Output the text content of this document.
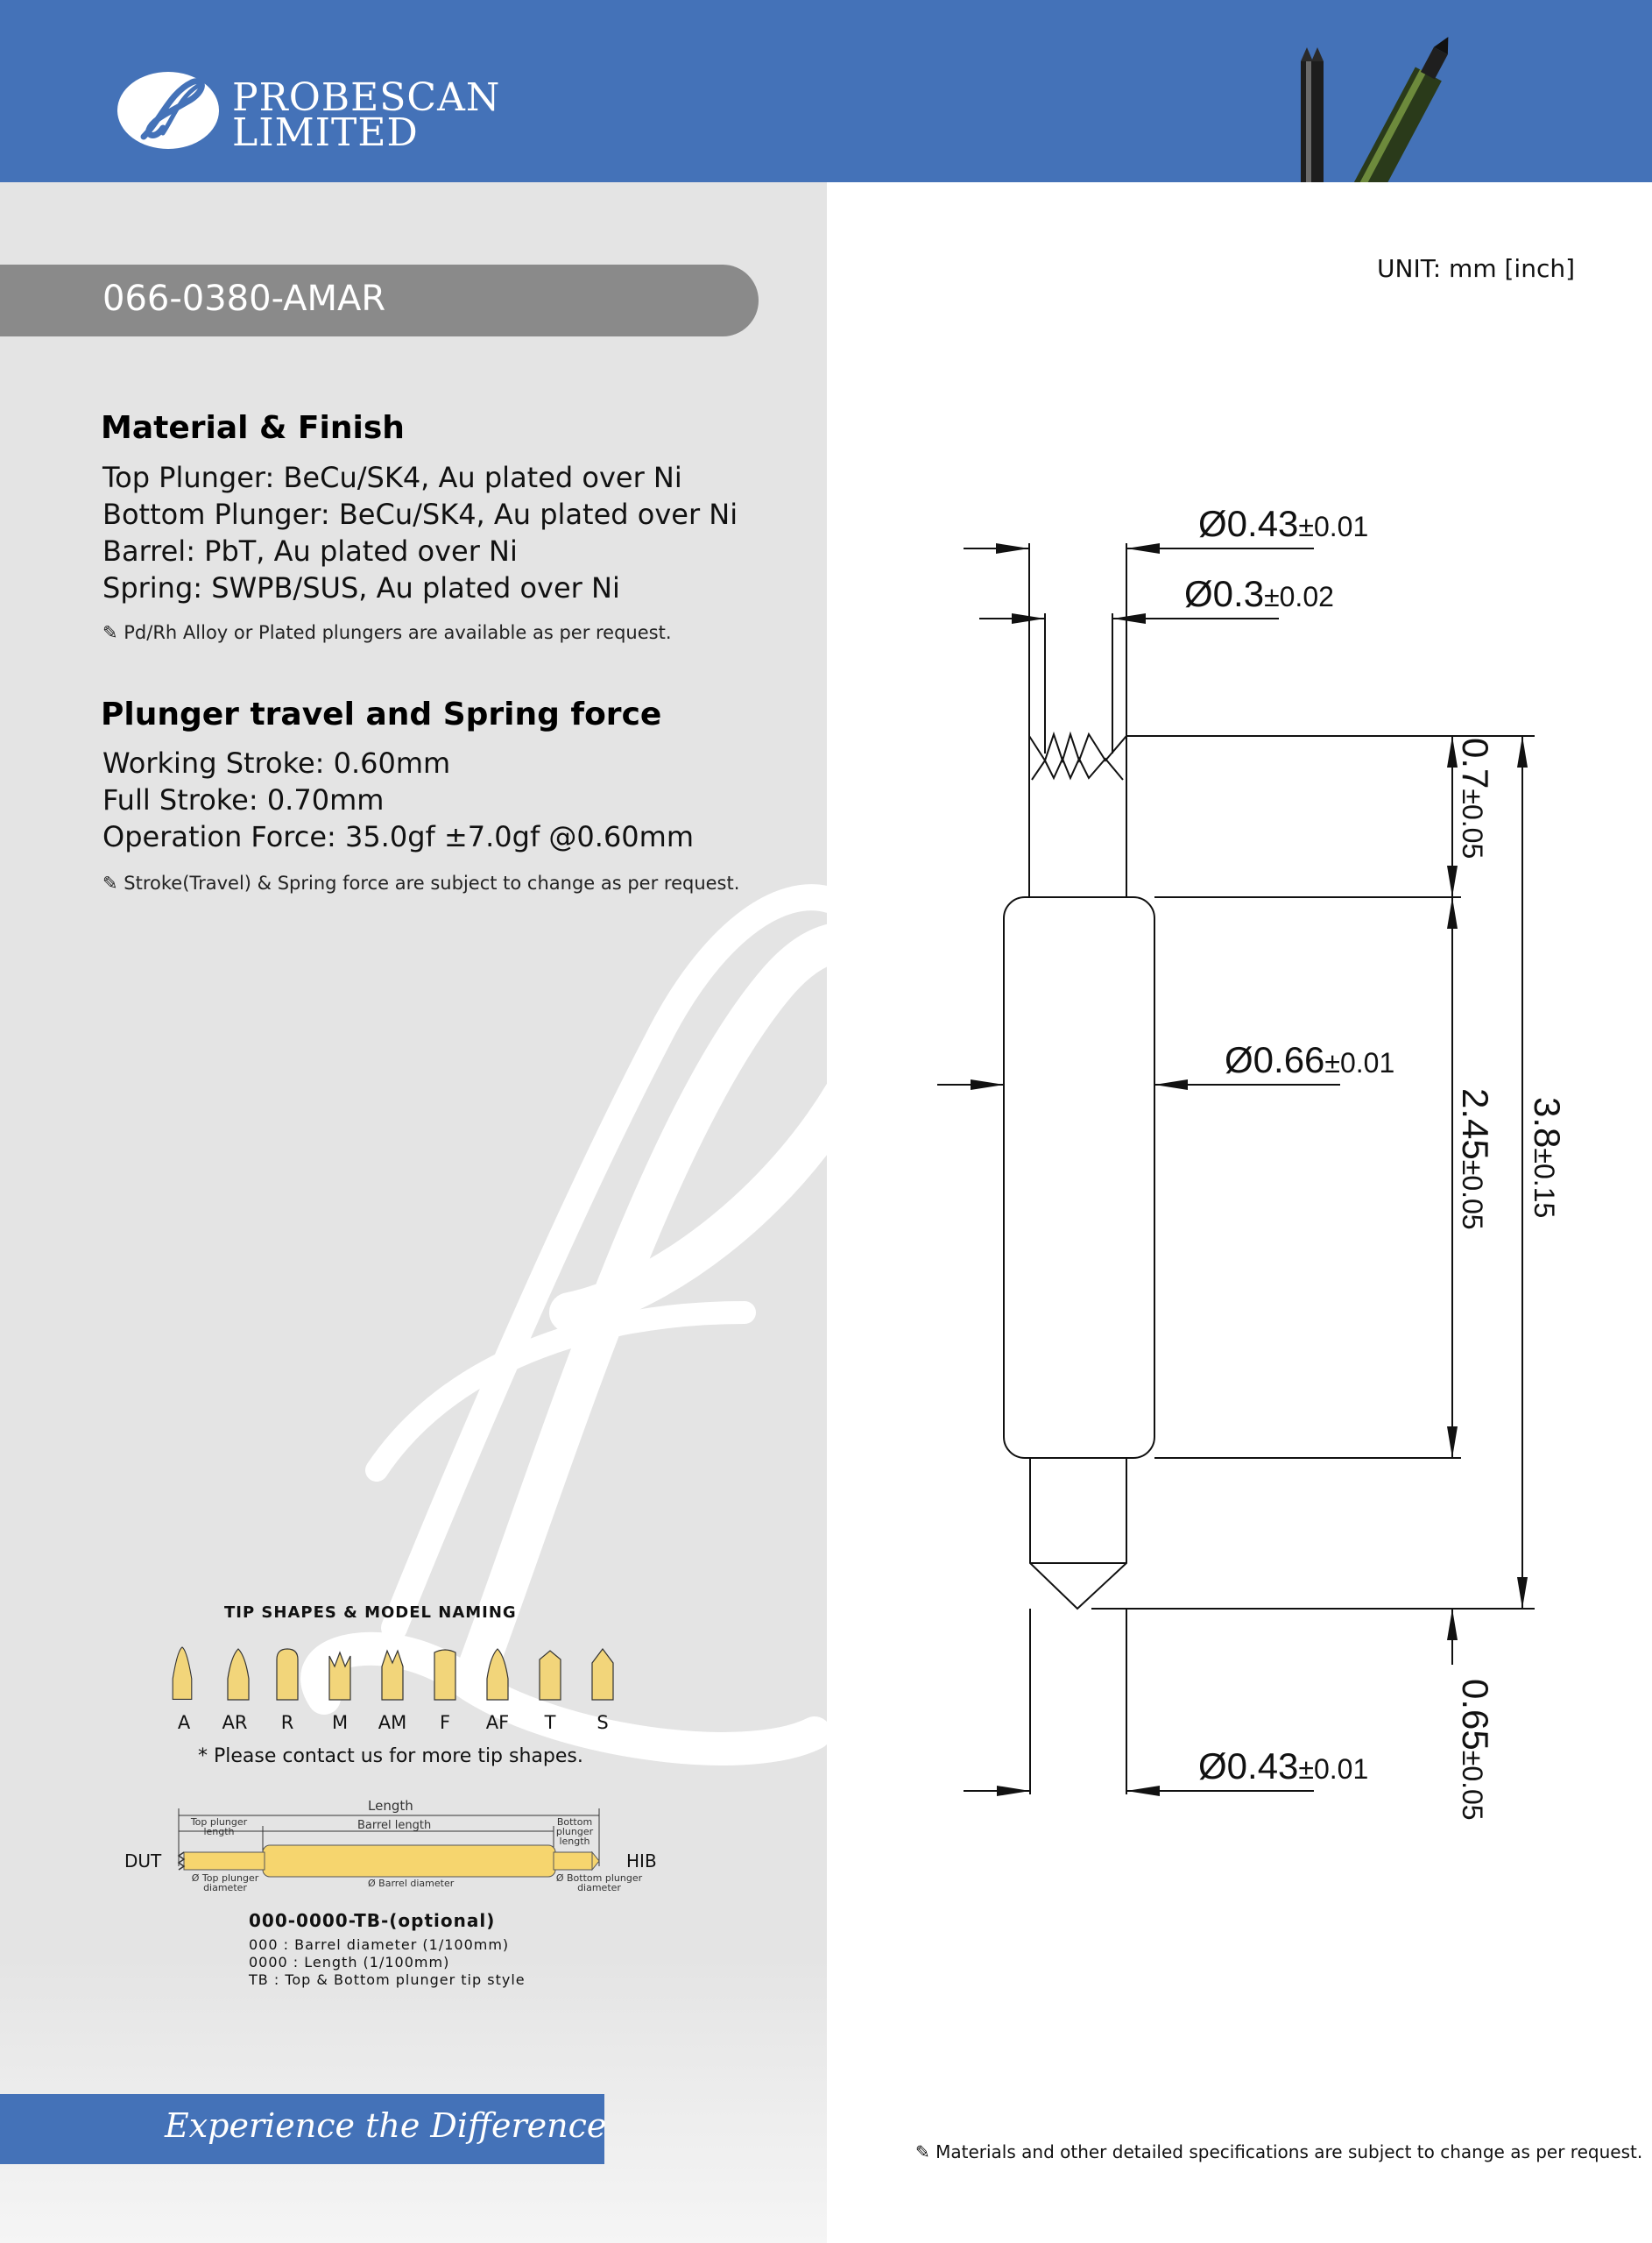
PROBESCAN
LIMITED
066-0380-AMAR
Material & Finish
Top Plunger: BeCu/SK4, Au plated over Ni
Bottom Plunger: BeCu/SK4, Au plated over Ni
Barrel: PbT, Au plated over Ni
Spring: SWPB/SUS, Au plated over Ni
✎ Pd/Rh Alloy or Plated plungers are available as per request.
Plunger travel and Spring force
Working Stroke: 0.60mm
Full Stroke: 0.70mm
Operation Force: 35.0gf ±7.0gf @0.60mm
✎ Stroke(Travel) & Spring force are subject to change as per request.
TIP SHAPES & MODEL NAMING
A	AR	R	M	AM	F	AF	T	S
* Please contact us for more tip shapes.
Length
Top plunger length	Barrel length	Bottom plunger length
Ø Top plunger diameter	Ø Barrel diameter	Ø Bottom plunger diameter
DUT	HIB
000-0000-TB-(optional)
000 : Barrel diameter (1/100mm)
0000 : Length (1/100mm)
TB : Top & Bottom plunger tip style
Experience the Difference
UNIT: mm [inch]
Ø0.43±0.01
Ø0.3±0.02
Ø0.66±0.01
Ø0.43±0.01
0.7±0.05
2.45±0.05
3.8±0.15
0.65±0.05
✎ Materials and other detailed specifications are subject to change as per request.
